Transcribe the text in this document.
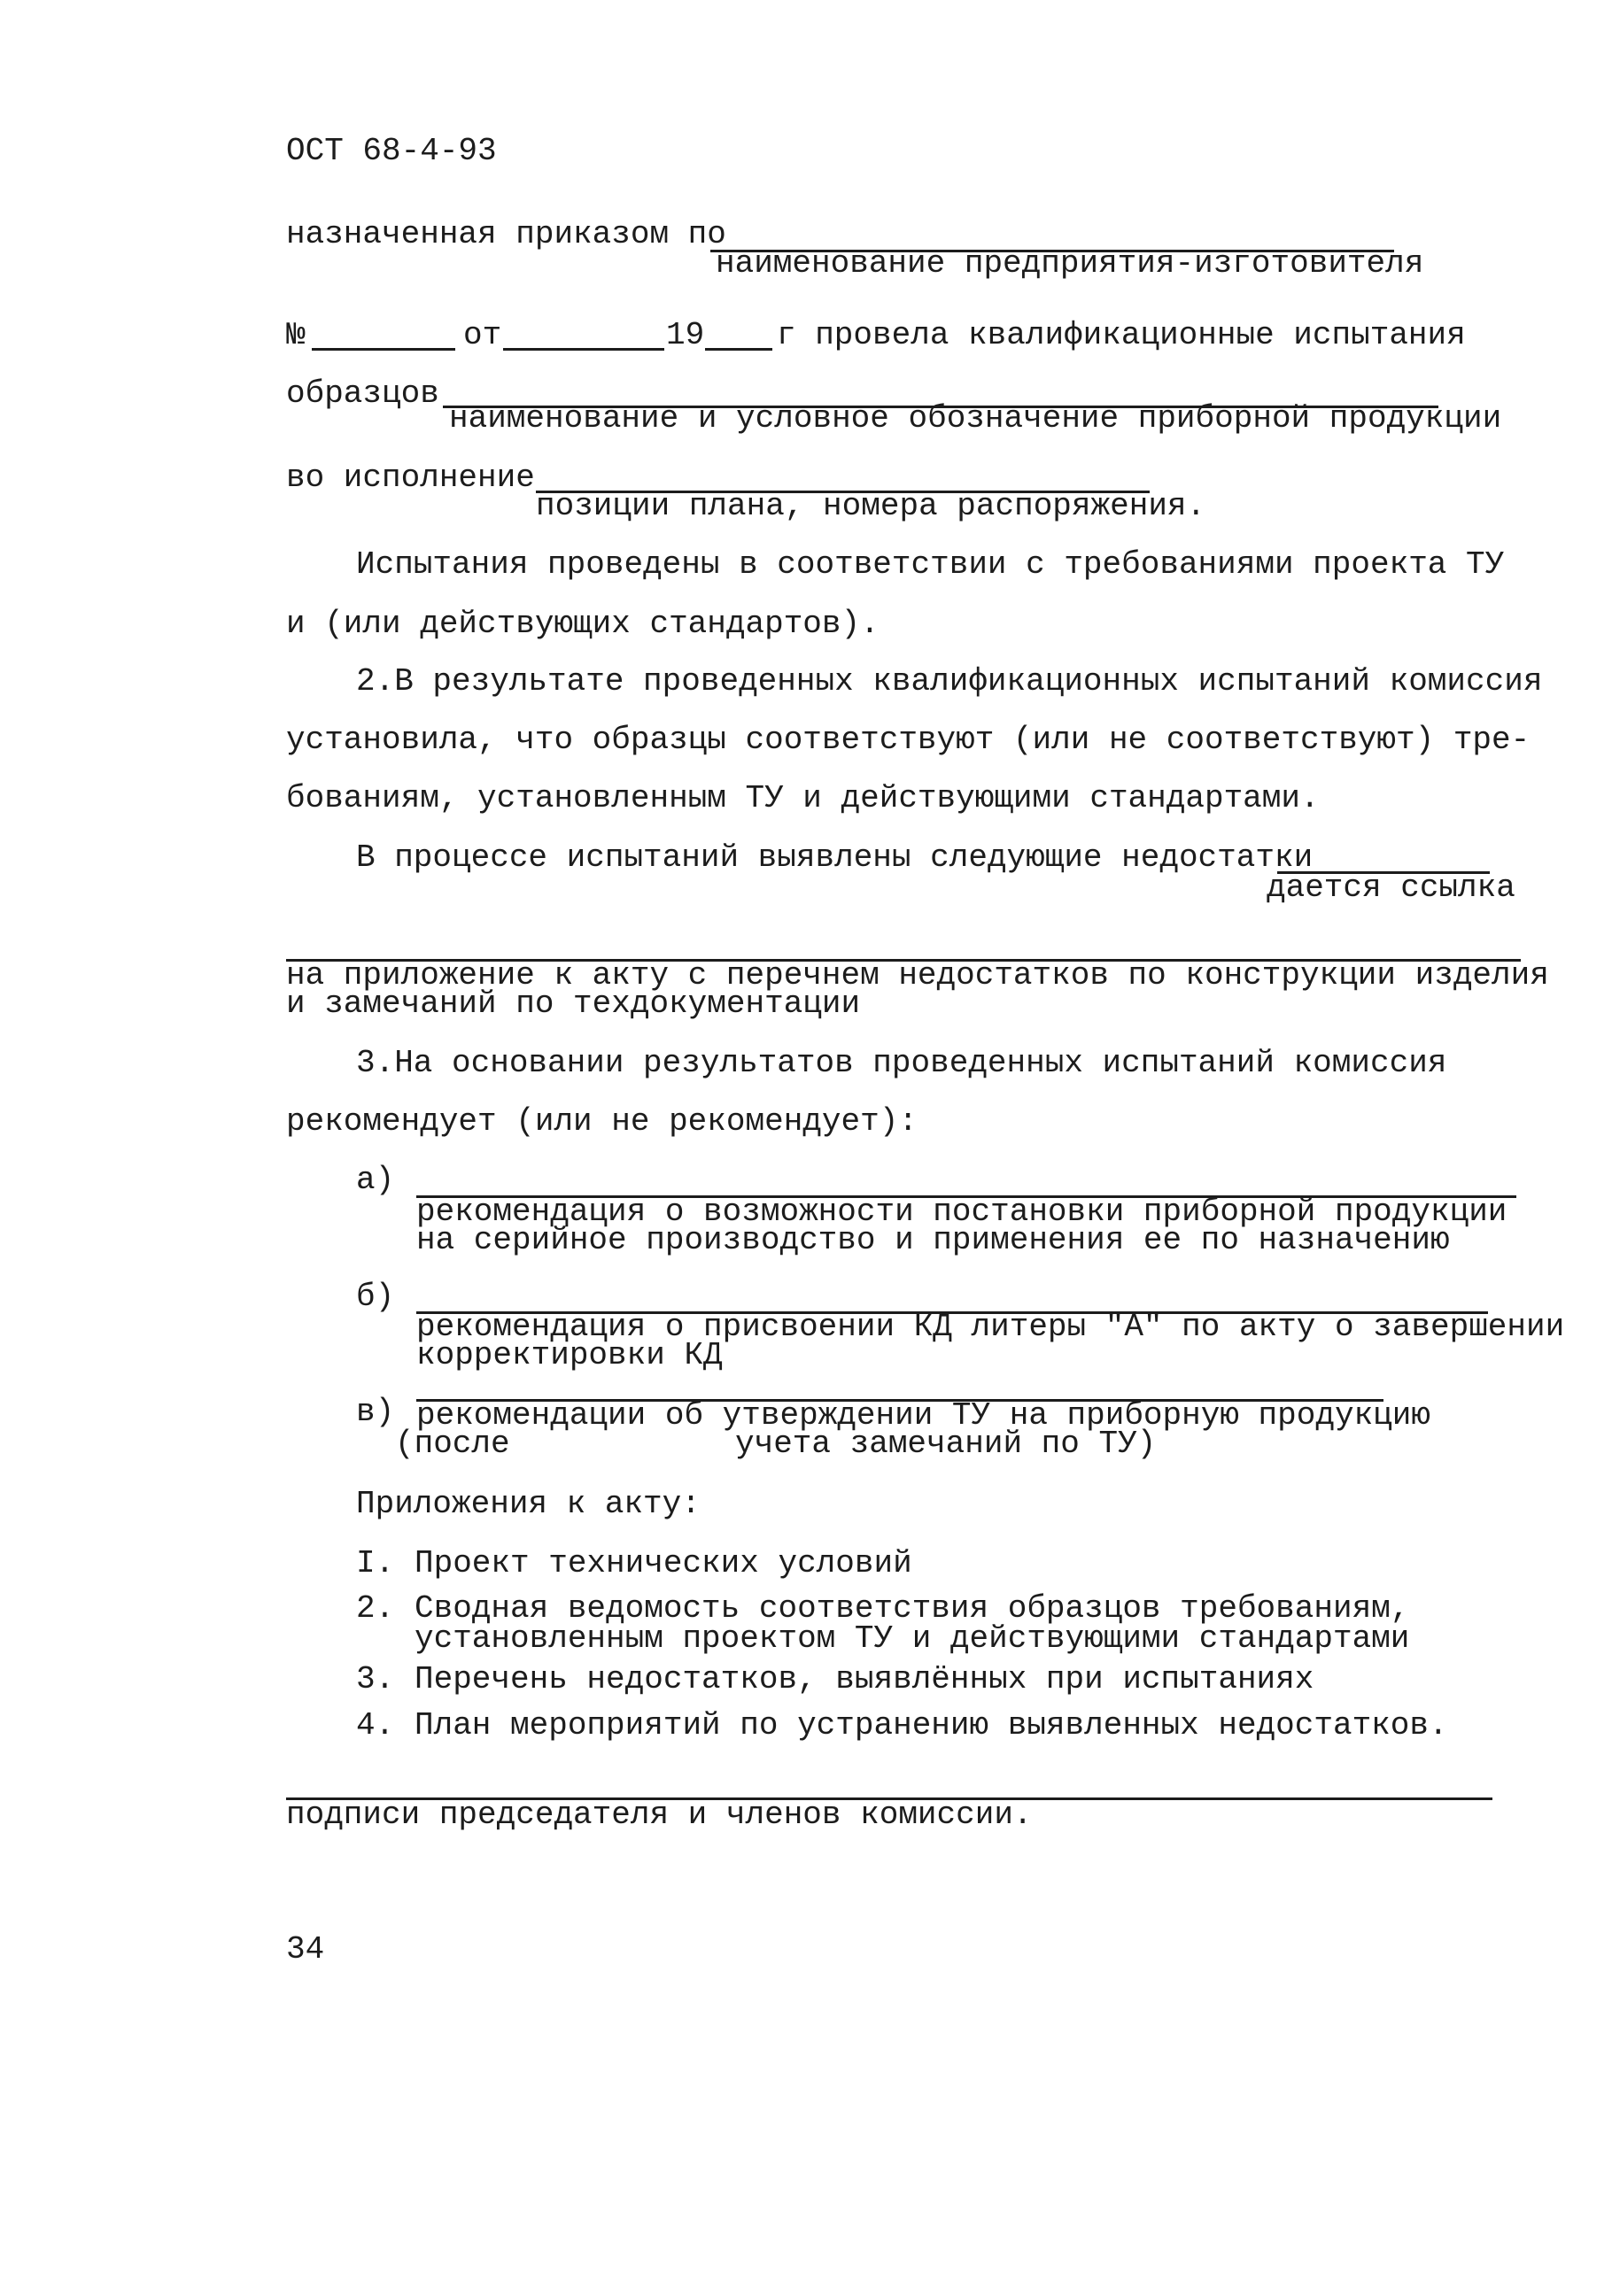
ОСТ 68-4-93
назначенная приказом по
наименование предприятия-изготовителя
№	от	19 г провела квалификационные испытания
образцов
наименование и условное обозначение приборной продукции
во исполнение
позиции плана, номера распоряжения.
Испытания проведены в соответствии с требованиями проекта ТУ
и (или действующих стандартов).
2.В результате проведенных квалификационных испытаний комиссия
установила, что образцы соответствуют (или не соответствуют) тре-
бованиям, установленным ТУ и действующими стандартами.
В процессе испытаний выявлены следующие недостатки
дается ссылка
на приложение к акту с перечнем недостатков по конструкции изделия
и замечаний по техдокументации
3.На основании результатов проведенных испытаний комиссия
рекомендует (или не рекомендует):
а)
рекомендация о возможности постановки приборной продукции
на серийное производство и применения ее по назначению
б)
рекомендация о присвоении КД литеры "А" по акту о завершении
корректировки КД
в) рекомендации об утверждении ТУ на приборную продукцию
(после	учета замечаний по ТУ)
Приложения к акту:
I. Проект технических условий
2. Сводная ведомость соответствия образцов требованиям,
установленным проектом ТУ и действующими стандартами
3. Перечень недостатков, выявлённых при испытаниях
4. План мероприятий по устранению выявленных недостатков.
подписи председателя и членов комиссии.
34
